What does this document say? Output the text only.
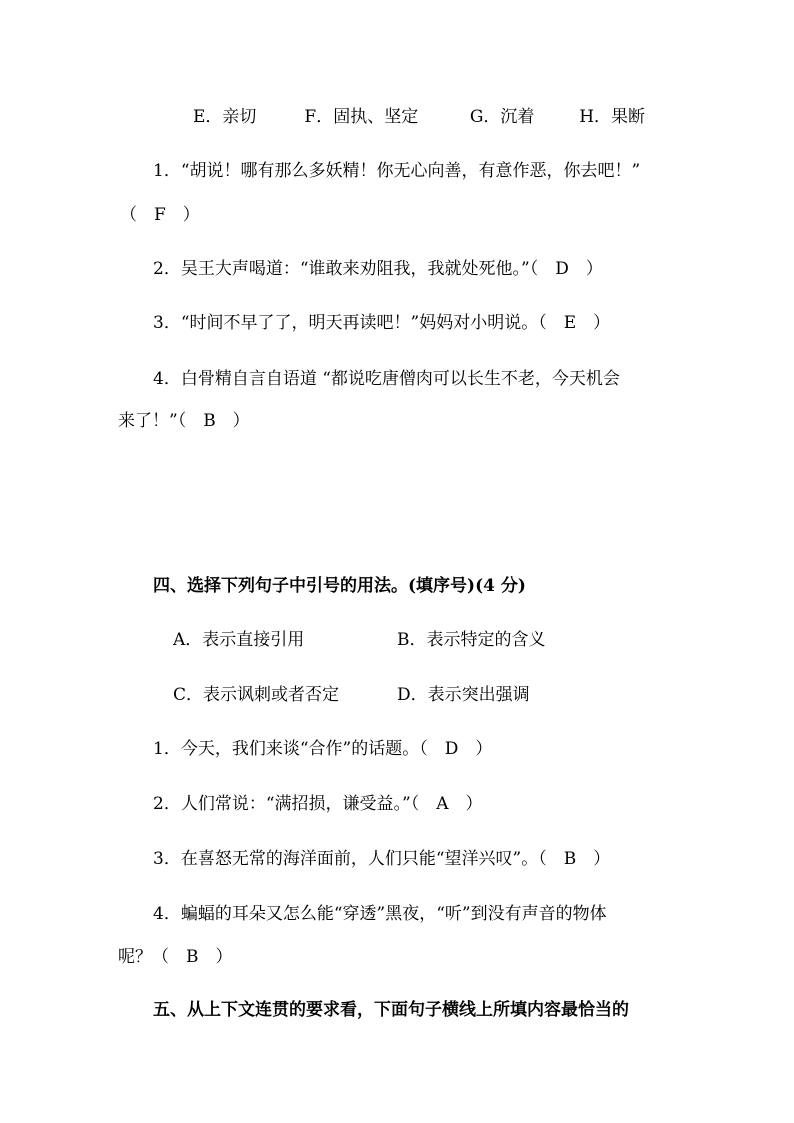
E．亲切	F．固执、坚定	G．沉着	H．果断
1．“胡说！哪有那么多妖精！你无心向善，有意作恶，你去吧！”
（　F　）
2．吴王大声喝道：“谁敢来劝阻我，我就处死他。”（　D　）
3．“时间不早了了，明天再读吧！”妈妈对小明说。（　E　）
4．白骨精自言自语道 “都说吃唐僧肉可以长生不老，今天机会
来了！”（　B　）
四、选择下列句子中引号的用法。(填序号)(4 分)
A．表示直接引用	B．表示特定的含义
C．表示讽刺或者否定	D．表示突出强调
1．今天，我们来谈“合作”的话题。（　D　）
2．人们常说：“满招损，谦受益。”（　A　）
3．在喜怒无常的海洋面前，人们只能“望洋兴叹”。（　B　）
4．蝙蝠的耳朵又怎么能“穿透”黑夜，“听”到没有声音的物体
呢？（　B　）
五、从上下文连贯的要求看，下面句子横线上所填内容最恰当的
